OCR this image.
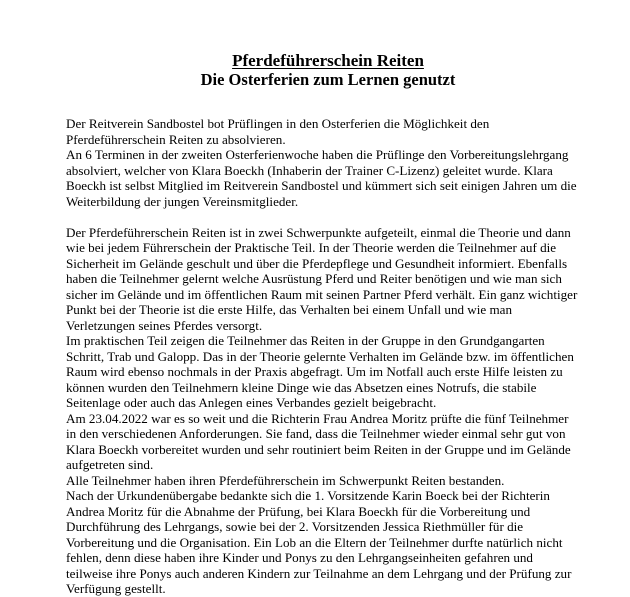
Pferdeführerschein Reiten
Die Osterferien zum Lernen genutzt

Der Reitverein Sandbostel bot Prüflingen in den Osterferien die Möglichkeit den Pferdeführerschein Reiten zu absolvieren.

An 6 Terminen in der zweiten Osterferienwoche haben die Prüflinge den Vorbereitungslehrgang absolviert, welcher von Klara Boeckh (Inhaberin der Trainer C-Lizenz) geleitet wurde. Klara Boeckh ist selbst Mitglied im Reitverein Sandbostel und kümmert sich seit einigen Jahren um die Weiterbildung der jungen Vereinsmitglieder.

Der Pferdeführerschein Reiten ist in zwei Schwerpunkte aufgeteilt, einmal die Theorie und dann wie bei jedem Führerschein der Praktische Teil. In der Theorie werden die Teilnehmer auf die Sicherheit im Gelände geschult und über die Pferdepflege und Gesundheit informiert. Ebenfalls haben die Teilnehmer gelernt welche Ausrüstung Pferd und Reiter benötigen und wie man sich sicher im Gelände und im öffentlichen Raum mit seinen Partner Pferd verhält. Ein ganz wichtiger Punkt bei der Theorie ist die erste Hilfe, das Verhalten bei einem Unfall und wie man Verletzungen seines Pferdes versorgt.

Im praktischen Teil zeigen die Teilnehmer das Reiten in der Gruppe in den Grundgangarten Schritt, Trab und Galopp. Das in der Theorie gelernte Verhalten im Gelände bzw. im öffentlichen Raum wird ebenso nochmals in der Praxis abgefragt. Um im Notfall auch erste Hilfe leisten zu können wurden den Teilnehmern kleine Dinge wie das Absetzen eines Notrufs, die stabile Seitenlage oder auch das Anlegen eines Verbandes gezielt beigebracht.

Am 23.04.2022 war es so weit und die Richterin Frau Andrea Moritz prüfte die fünf Teilnehmer in den verschiedenen Anforderungen. Sie fand, dass die Teilnehmer wieder einmal sehr gut von Klara Boeckh vorbereitet wurden und sehr routiniert beim Reiten in der Gruppe und im Gelände aufgetreten sind.

Alle Teilnehmer haben ihren Pferdeführerschein im Schwerpunkt Reiten bestanden.

Nach der Urkundenübergabe bedankte sich die 1. Vorsitzende Karin Boeck bei der Richterin Andrea Moritz für die Abnahme der Prüfung, bei Klara Boeckh für die Vorbereitung und Durchführung des Lehrgangs, sowie bei der 2. Vorsitzenden Jessica Riethmüller für die Vorbereitung und die Organisation. Ein Lob an die Eltern der Teilnehmer durfte natürlich nicht fehlen, denn diese haben ihre Kinder und Ponys zu den Lehrgangseinheiten gefahren und teilweise ihre Ponys auch anderen Kindern zur Teilnahme an dem Lehrgang und der Prüfung zur Verfügung gestellt.
